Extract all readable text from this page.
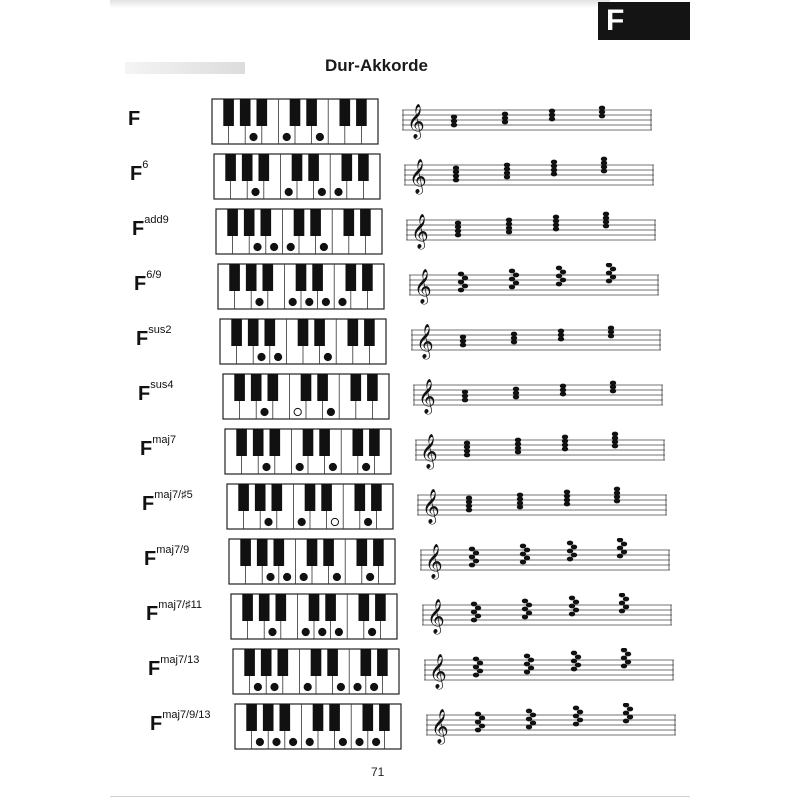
F
Dur-Akkorde
F	𝄞
$F^6$	𝄞
$F^{add9}$	𝄞
$F^{6/9}$	𝄞
$F^{sus2}$	𝄞
$F^{sus4}$	𝄞
$F^{maj7}$	𝄞
$F^{maj7/♯5}$	𝄞
$F^{maj7/9}$	𝄞
$F^{maj7/♯11}$	𝄞
$F^{maj7/13}$	𝄞
$F^{maj7/9/13}$	𝄞
71
